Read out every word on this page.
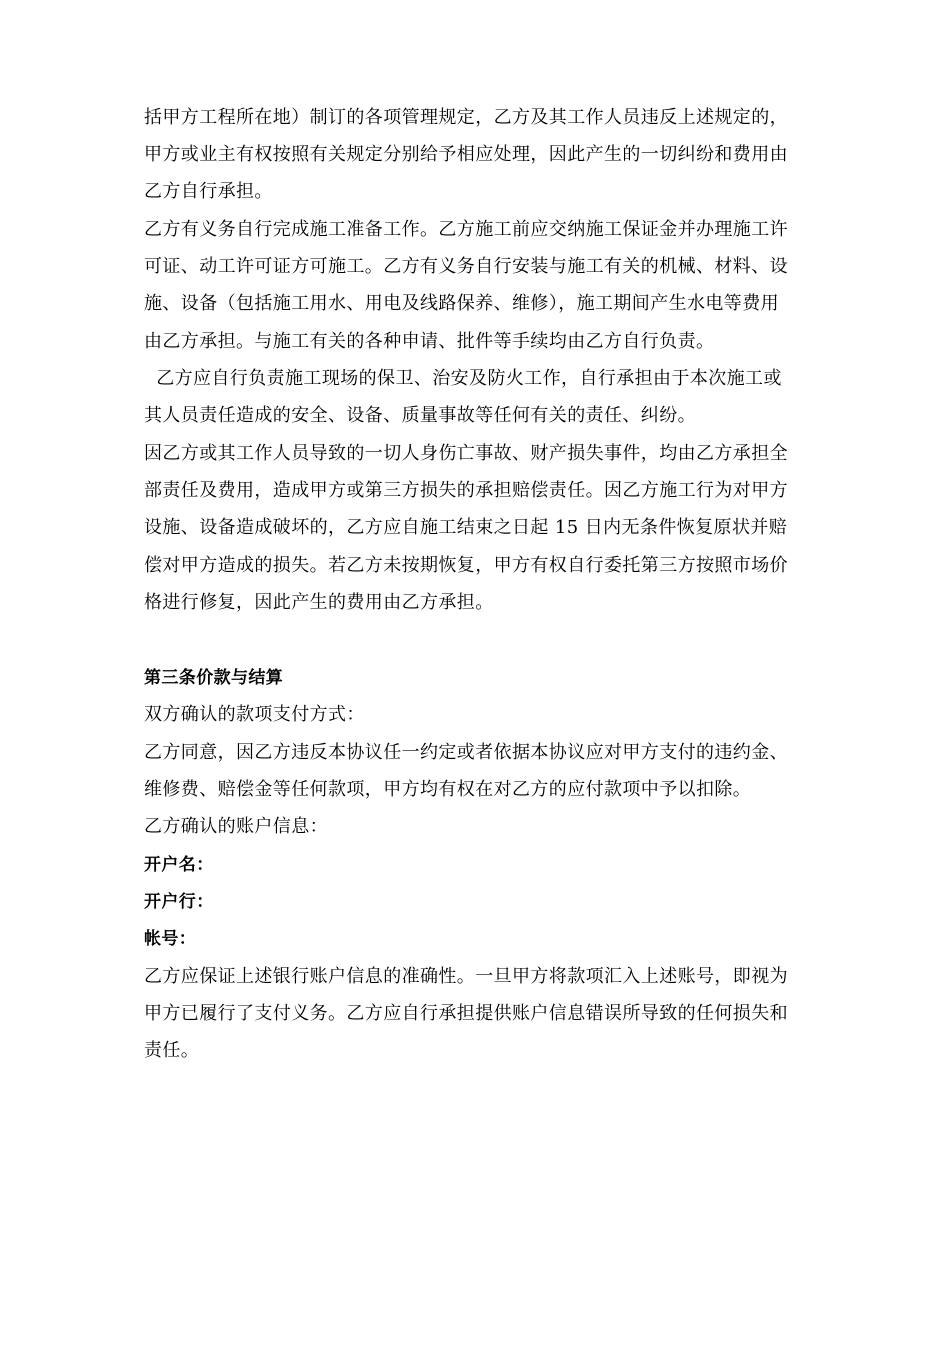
括甲方工程所在地）制订的各项管理规定，乙方及其工作人员违反上述规定的，
甲方或业主有权按照有关规定分别给予相应处理，因此产生的一切纠纷和费用由
乙方自行承担。
乙方有义务自行完成施工准备工作。乙方施工前应交纳施工保证金并办理施工许
可证、动工许可证方可施工。乙方有义务自行安装与施工有关的机械、材料、设
施、设备（包括施工用水、用电及线路保养、维修），施工期间产生水电等费用
由乙方承担。与施工有关的各种申请、批件等手续均由乙方自行负责。
乙方应自行负责施工现场的保卫、治安及防火工作，自行承担由于本次施工或
其人员责任造成的安全、设备、质量事故等任何有关的责任、纠纷。
因乙方或其工作人员导致的一切人身伤亡事故、财产损失事件，均由乙方承担全
部责任及费用，造成甲方或第三方损失的承担赔偿责任。因乙方施工行为对甲方
设施、设备造成破坏的，乙方应自施工结束之日起 15 日内无条件恢复原状并赔
偿对甲方造成的损失。若乙方未按期恢复，甲方有权自行委托第三方按照市场价
格进行修复，因此产生的费用由乙方承担。
第三条价款与结算
双方确认的款项支付方式：
乙方同意，因乙方违反本协议任一约定或者依据本协议应对甲方支付的违约金、
维修费、赔偿金等任何款项，甲方均有权在对乙方的应付款项中予以扣除。
乙方确认的账户信息：
开户名：
开户行：
帐号：
乙方应保证上述银行账户信息的准确性。一旦甲方将款项汇入上述账号，即视为
甲方已履行了支付义务。乙方应自行承担提供账户信息错误所导致的任何损失和
责任。
